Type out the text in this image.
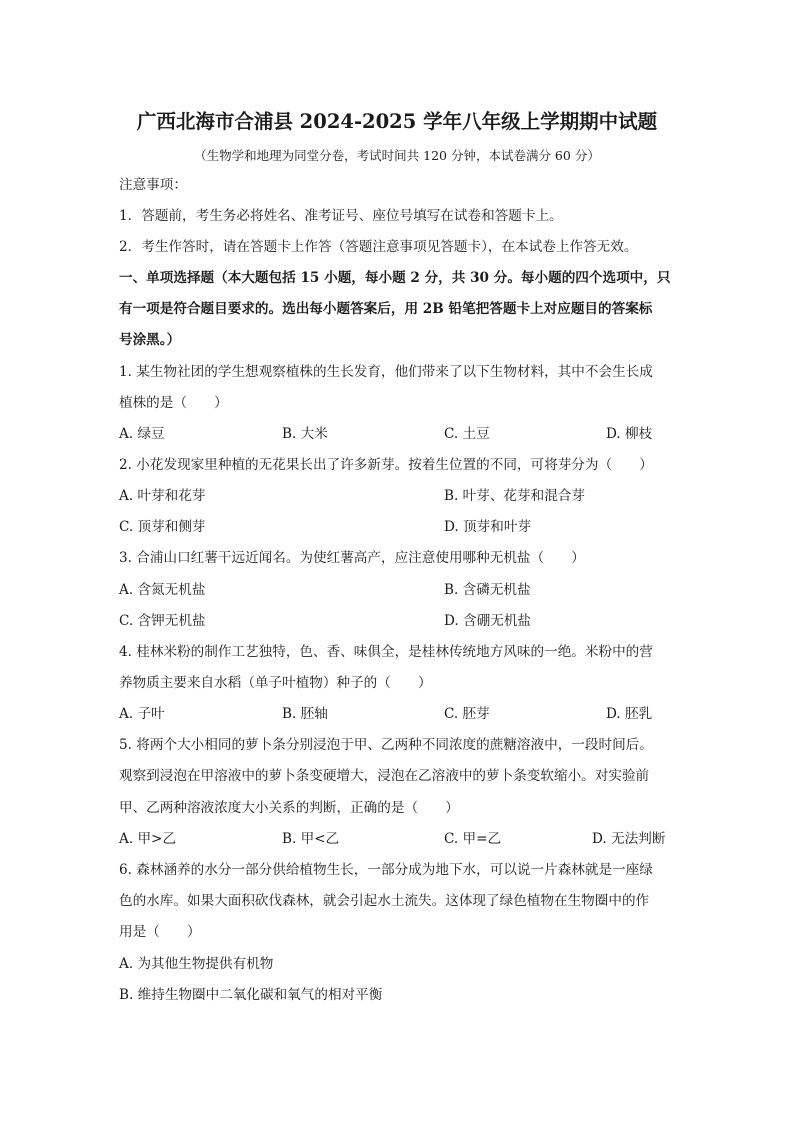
广西北海市合浦县 2024-2025 学年八年级上学期期中试题
（生物学和地理为同堂分卷，考试时间共 120 分钟，本试卷满分 60 分）
注意事项：
1．答题前，考生务必将姓名、准考证号、座位号填写在试卷和答题卡上。
2．考生作答时，请在答题卡上作答（答题注意事项见答题卡），在本试卷上作答无效。
一、单项选择题（本大题包括 15 小题，每小题 2 分，共 30 分。每小题的四个选项中，只
有一项是符合题目要求的。选出每小题答案后，用 2B 铅笔把答题卡上对应题目的答案标
号涂黑。）
1. 某生物社团的学生想观察植株的生长发育，他们带来了以下生物材料，其中不会生长成
植株的是（　　）
A. 绿豆	B. 大米	C. 土豆	D. 柳枝
2. 小花发现家里种植的无花果长出了许多新芽。按着生位置的不同，可将芽分为（　　）
A. 叶芽和花芽	B. 叶芽、花芽和混合芽
C. 顶芽和侧芽	D. 顶芽和叶芽
3. 合浦山口红薯干远近闻名。为使红薯高产，应注意使用哪种无机盐（　　）
A. 含氮无机盐	B. 含磷无机盐
C. 含钾无机盐	D. 含硼无机盐
4. 桂林米粉的制作工艺独特，色、香、味俱全，是桂林传统地方风味的一绝。米粉中的营
养物质主要来自水稻（单子叶植物）种子的（　　）
A. 子叶	B. 胚轴	C. 胚芽	D. 胚乳
5. 将两个大小相同的萝卜条分别浸泡于甲、乙两种不同浓度的蔗糖溶液中，一段时间后。
观察到浸泡在甲溶液中的萝卜条变硬增大，浸泡在乙溶液中的萝卜条变软缩小。对实验前
甲、乙两种溶液浓度大小关系的判断，正确的是（　　）
A. 甲>乙	B. 甲<乙	C. 甲=乙	D. 无法判断
6. 森林涵养的水分一部分供给植物生长，一部分成为地下水，可以说一片森林就是一座绿
色的水库。如果大面积砍伐森林，就会引起水土流失。这体现了绿色植物在生物圈中的作
用是（　　）
A. 为其他生物提供有机物
B. 维持生物圈中二氧化碳和氧气的相对平衡
